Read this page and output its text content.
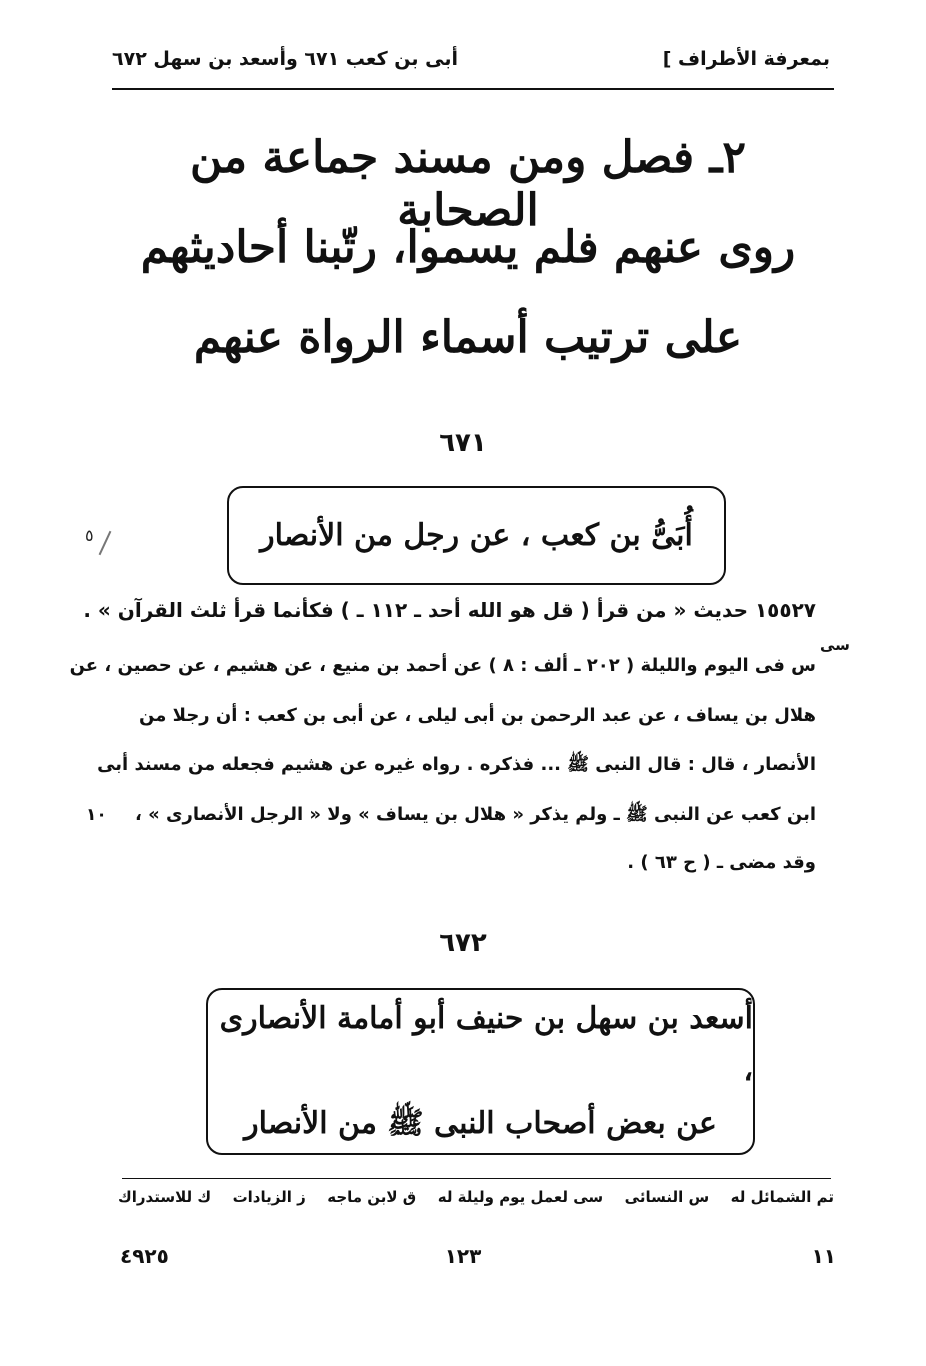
بمعرفة الأطراف ]
أبى بن كعب ٦٧١ وأسعد بن سهل ٦٧٢
٢ـ فصل ومن مسند جماعة من الصحابة
روى عنهم فلم يسموا، رتّبنا أحاديثهم
على ترتيب أسماء الرواة عنهم
٦٧١
أُبَىُّ بن كعب ، عن رجل من الأنصار
٥
١٥٥٢٧ حديث « من قرأ ( قل هو الله أحد ـ ١١٢ ـ ) فكأنما قرأ ثلث القرآن » .
سى
س فى اليوم والليلة ( ٢٠٢ ـ ألف : ٨ ) عن أحمد بن منيع ، عن هشيم ، عن حصين ، عن
هلال بن يساف ، عن عبد الرحمن بن أبى ليلى ، عن أبى بن كعب : أن رجلا من
الأنصار ، قال : قال النبى ﷺ ... فذكره . رواه غيره عن هشيم فجعله من مسند أبى
ابن كعب عن النبى ﷺ ـ ولم يذكر « هلال بن يساف » ولا « الرجل الأنصارى » ،
١٠
وقد مضى ـ ( ح ٦٣ ) .
٦٧٢
أسعد بن سهل بن حنيف أبو أمامة الأنصارى ،
عن بعض أصحاب النبى ﷺ من الأنصار
تم الشمائل له
س النسائى
سى لعمل يوم وليلة له
ق لابن ماجه
ز الزيادات
ك للاستدراك
١١
١٢٣
٤٩٢٥
